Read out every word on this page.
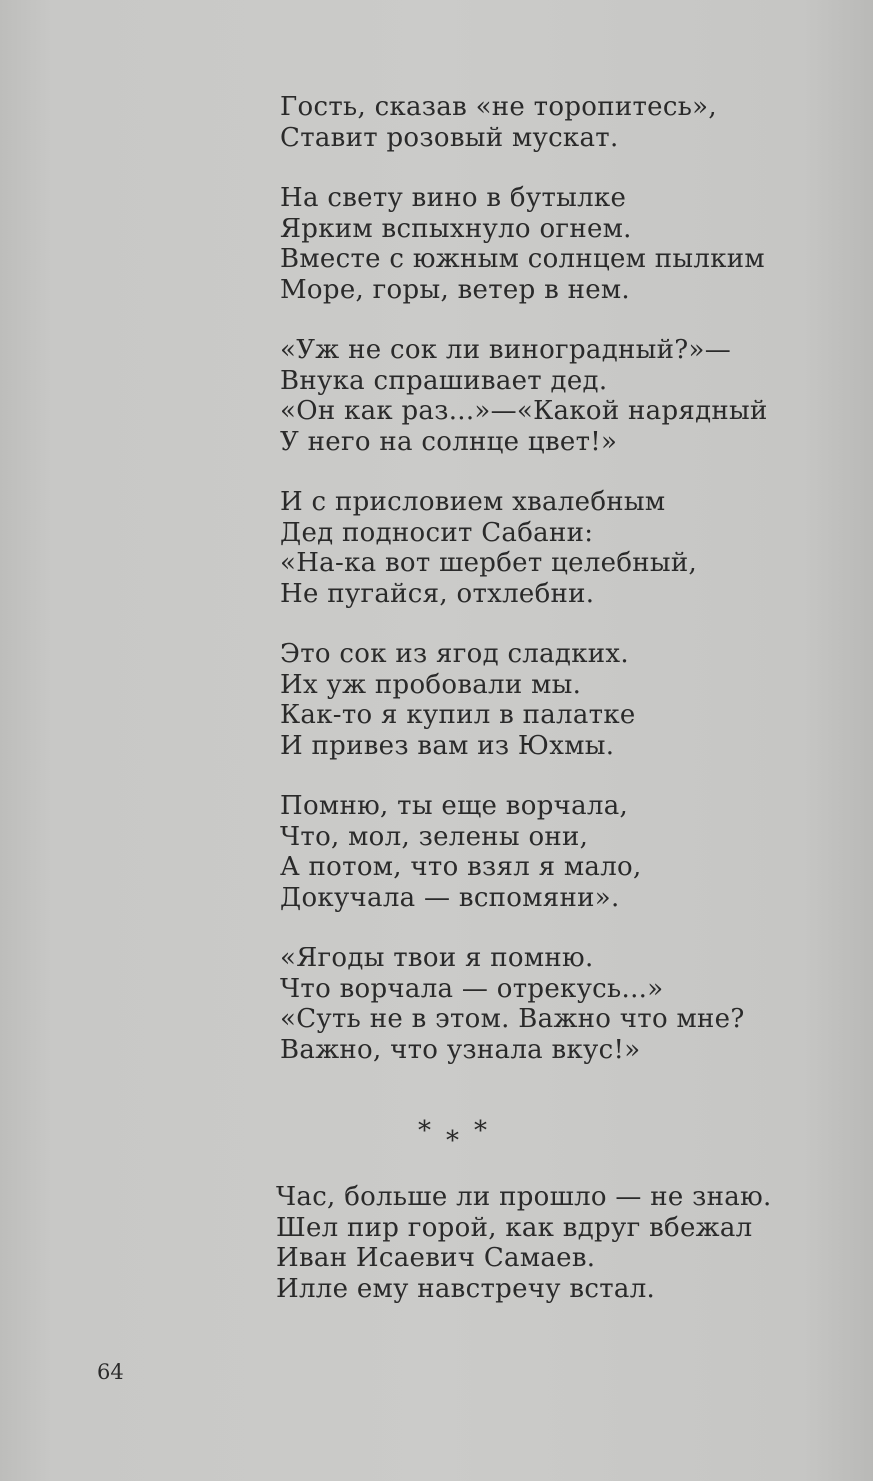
Гость, сказав «не торопитесь»,
Ставит розовый мускат.
На свету вино в бутылке
Ярким вспыхнуло огнем.
Вместе с южным солнцем пылким
Море, горы, ветер в нем.
«Уж не сок ли виноградный?»—
Внука спрашивает дед.
«Он как раз...»—«Какой нарядный
У него на солнце цвет!»
И с присловием хвалебным
Дед подносит Сабани:
«На-ка вот шербет целебный,
Не пугайся, отхлебни.
Это сок из ягод сладких.
Их уж пробовали мы.
Как-то я купил в палатке
И привез вам из Юхмы.
Помню, ты еще ворчала,
Что, мол, зелены они,
А потом, что взял я мало,
Докучала — вспомяни».
«Ягоды твои я помню.
Что ворчала — отрекусь...»
«Суть не в этом. Важно что мне?
Важно, что узнала вкус!»
* * *
Час, больше ли прошло — не знаю.
Шел пир горой, как вдруг вбежал
Иван Исаевич Самаев.
Илле ему навстречу встал.
64
